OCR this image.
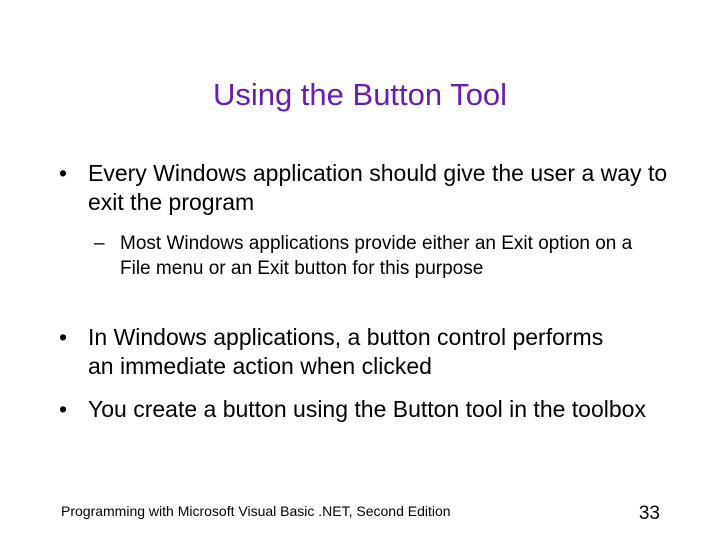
Using the Button Tool
• Every Windows application should give the user a way to exit the program
– Most Windows applications provide either an Exit option on a File menu or an Exit button for this purpose
• In Windows applications, a button control performs an immediate action when clicked
• You create a button using the Button tool in the toolbox
Programming with Microsoft Visual Basic .NET, Second Edition	33
